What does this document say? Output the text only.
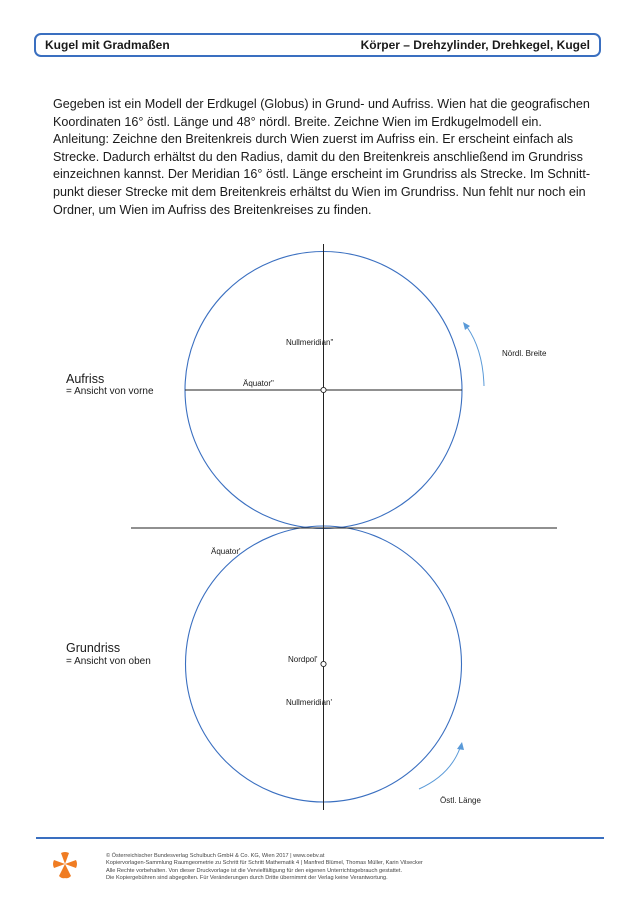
Kugel mit Gradmaßen	Körper – Drehzylinder, Drehkegel, Kugel

Gegeben ist ein Modell der Erdkugel (Globus) in Grund- und Aufriss. Wien hat die geografischen

Koordinaten 16° östl. Länge und 48° nördl. Breite. Zeichne Wien im Erdkugelmodell ein.

Anleitung: Zeichne den Breitenkreis durch Wien zuerst im Aufriss ein. Er erscheint einfach als

Strecke. Dadurch erhältst du den Radius, damit du den Breitenkreis anschließend im Grundriss

einzeichnen kannst. Der Meridian 16° östl. Länge erscheint im Grundriss als Strecke. Im Schnitt-

punkt dieser Strecke mit dem Breitenkreis erhältst du Wien im Grundriss. Nun fehlt nur noch ein

Ordner, um Wien im Aufriss des Breitenkreises zu finden.

Aufriss
= Ansicht von vorne
Nullmeridian"
Äquator"
Nördl. Breite
Äquator'
Grundriss
= Ansicht von oben	Nordpol'
Nullmeridian'
Östl. Länge
© Österreichischer Bundesverlag Schulbuch GmbH & Co. KG, Wien 2017 | www.oebv.at
Kopiervorlagen-Sammlung Raumgeometrie zu Schritt für Schritt Mathematik 4 | Manfred Blümel, Thomas Müller, Karin Vilsecker
Alle Rechte vorbehalten. Von dieser Druckvorlage ist die Vervielfältigung für den eigenen Unterrichtsgebrauch gestattet.
Die Kopiergebühren sind abgegolten. Für Veränderungen durch Dritte übernimmt der Verlag keine Verantwortung.
